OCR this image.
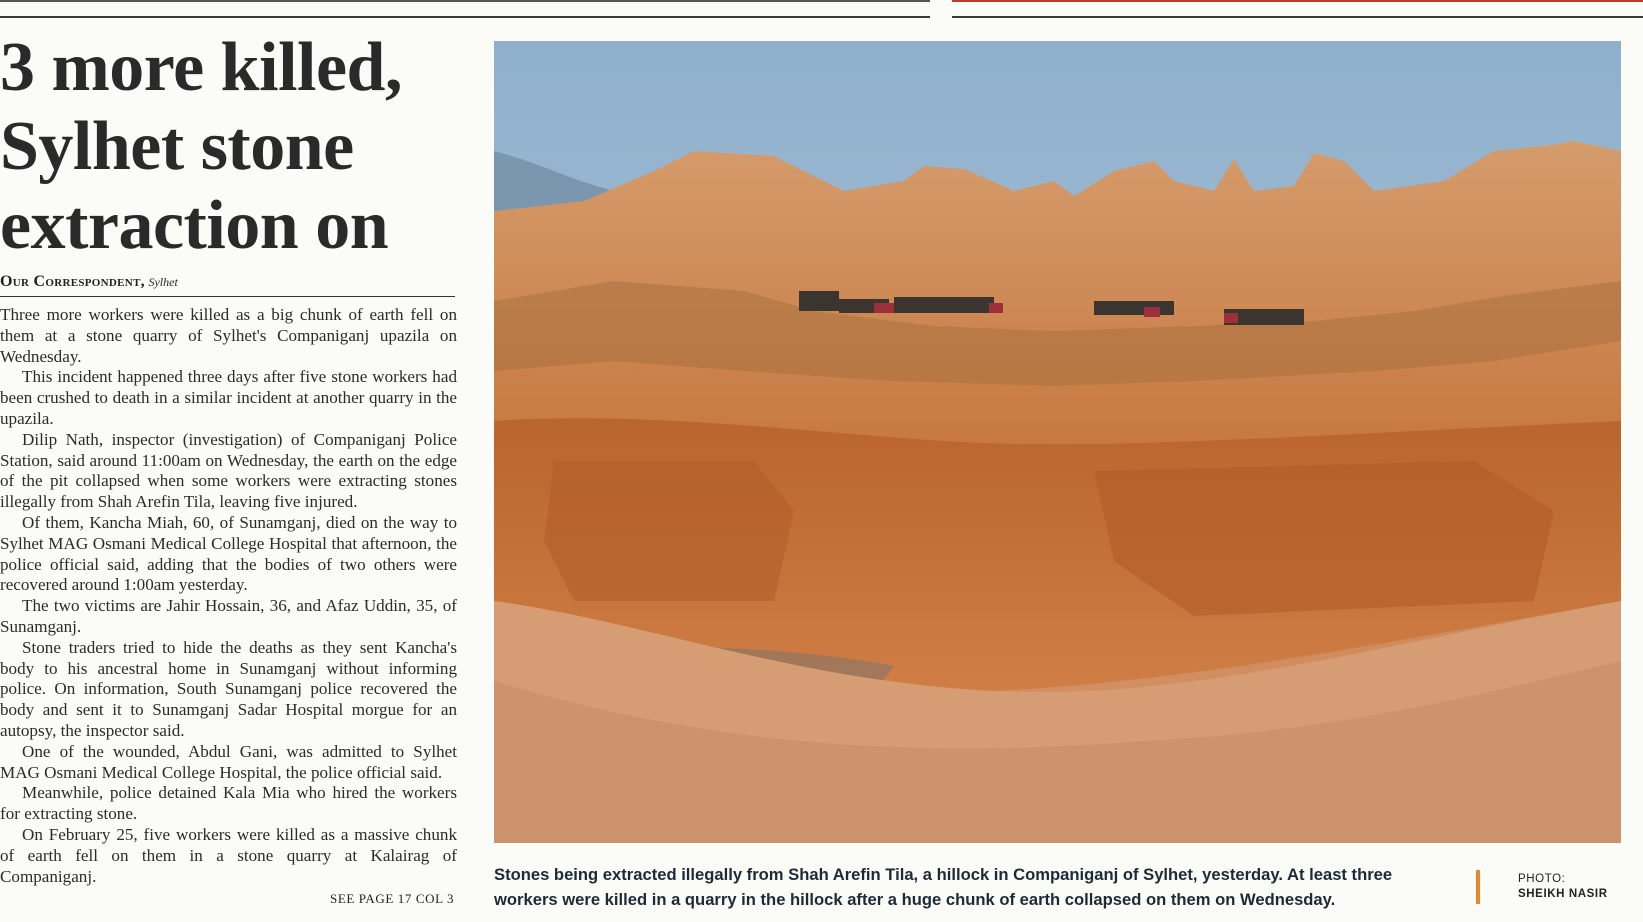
3 more killed, Sylhet stone extraction on
Our Correspondent, Sylhet

Three more workers were killed as a big chunk of earth fell on them at a stone quarry of Sylhet's Companiganj upazila on Wednesday.

This incident happened three days after five stone workers had been crushed to death in a similar incident at another quarry in the upazila.

Dilip Nath, inspector (investigation) of Companiganj Police Station, said around 11:00am on Wednesday, the earth on the edge of the pit collapsed when some workers were extracting stones illegally from Shah Arefin Tila, leaving five injured.

Of them, Kancha Miah, 60, of Sunamganj, died on the way to Sylhet MAG Osmani Medical College Hospital that afternoon, the police official said, adding that the bodies of two others were recovered around 1:00am yesterday.

The two victims are Jahir Hossain, 36, and Afaz Uddin, 35, of Sunamganj.

Stone traders tried to hide the deaths as they sent Kancha's body to his ancestral home in Sunamganj without informing police. On information, South Sunamganj police recovered the body and sent it to Sunamganj Sadar Hospital morgue for an autopsy, the inspector said.

One of the wounded, Abdul Gani, was admitted to Sylhet MAG Osmani Medical College Hospital, the police official said.

Meanwhile, police detained Kala Mia who hired the workers for extracting stone.

On February 25, five workers were killed as a massive chunk of earth fell on them in a stone quarry at Kalairag of Companiganj.

SEE PAGE 17 COL 3

Stones being extracted illegally from Shah Arefin Tila, a hillock in Companiganj of Sylhet, yesterday. At least three workers were killed in a quarry in the hillock after a huge chunk of earth collapsed on them on Wednesday.

PHOTO:
SHEIKH NASIR
